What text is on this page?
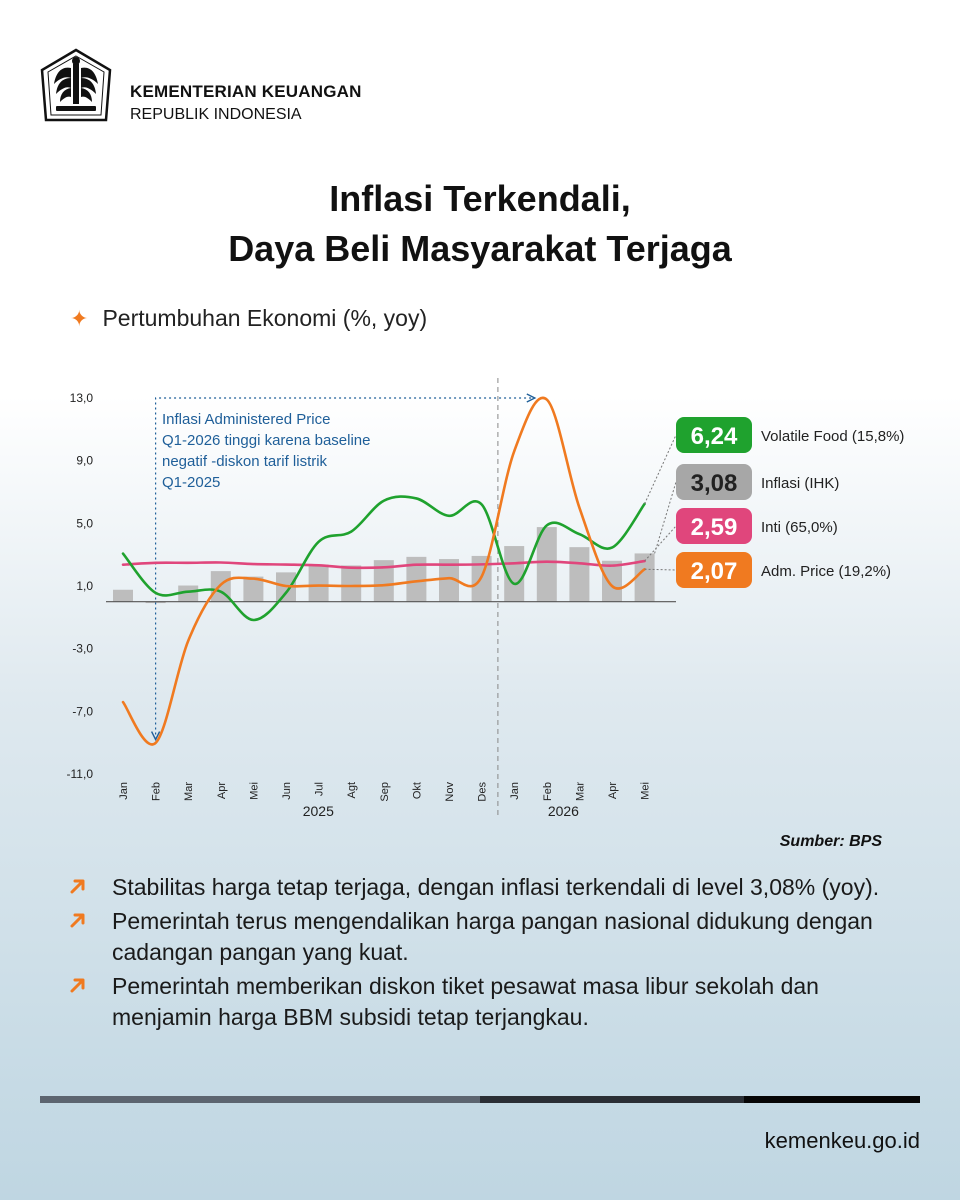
KEMENTERIAN KEUANGAN
REPUBLIK INDONESIA
Inflasi Terkendali,
Daya Beli Masyarakat Terjaga
✦ Pertumbuhan Ekonomi (%, yoy)
13,0
9,0
5,0
1,0
-3,0
-7,0
-11,0
Inflasi Administered Price
Q1-2026 tinggi karena baseline
negatif -diskon tarif listrik
Q1-2025
Jan Feb Mar Apr Mei Jun Jul Agt Sep Okt Nov Des Jan Feb Mar Apr Mei
2025	2026
6,24 Volatile Food (15,8%)
3,08 Inflasi (IHK)
2,59 Inti (65,0%)
2,07 Adm. Price (19,2%)
Sumber: BPS
Stabilitas harga tetap terjaga, dengan inflasi terkendali di level 3,08% (yoy).
Pemerintah terus mengendalikan harga pangan nasional didukung dengan cadangan pangan yang kuat.
Pemerintah memberikan diskon tiket pesawat masa libur sekolah dan menjamin harga BBM subsidi tetap terjangkau.
kemenkeu.go.id
